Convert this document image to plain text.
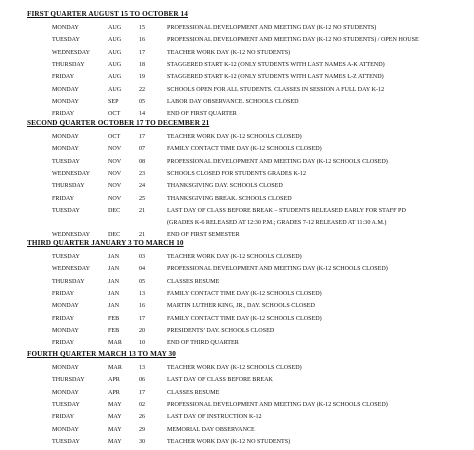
FIRST QUARTER AUGUST 15 TO OCTOBER 14
MONDAY	AUG	15	PROFESSIONAL DEVELOPMENT AND MEETING DAY (K-12 NO STUDENTS)
TUESDAY	AUG	16	PROFESSIONAL DEVELOPMENT AND MEETING DAY (K-12 NO STUDENTS) / OPEN HOUSE
WEDNESDAY	AUG	17	TEACHER WORK DAY (K-12 NO STUDENTS)
THURSDAY	AUG	18	STAGGERED START K-12 (ONLY STUDENTS WITH LAST NAMES A-K ATTEND)
FRIDAY	AUG	19	STAGGERED START K-12 (ONLY STUDENTS WITH LAST NAMES L-Z ATTEND)
MONDAY	AUG	22	SCHOOLS OPEN FOR ALL STUDENTS. CLASSES IN SESSION A FULL DAY K-12
MONDAY	SEP	05	LABOR DAY OBSERVANCE. SCHOOLS CLOSED
FRIDAY	OCT	14	END OF FIRST QUARTER
SECOND QUARTER OCTOBER 17 TO DECEMBER 21
MONDAY	OCT	17	TEACHER WORK DAY (K-12 SCHOOLS CLOSED)
MONDAY	NOV	07	FAMILY CONTACT TIME DAY (K-12 SCHOOLS CLOSED)
TUESDAY	NOV	08	PROFESSIONAL DEVELOPMENT AND MEETING DAY (K-12 SCHOOLS CLOSED)
WEDNESDAY	NOV	23	SCHOOLS CLOSED FOR STUDENTS GRADES K-12
THURSDAY	NOV	24	THANKSGIVING DAY. SCHOOLS CLOSED
FRIDAY	NOV	25	THANKSGIVING BREAK. SCHOOLS CLOSED
TUESDAY	DEC	21	LAST DAY OF CLASS BEFORE BREAK – STUDENTS RELEASED EARLY FOR STAFF PD
(GRADES K-6 RELEASED AT 12:30 P.M.; GRADES 7-12 RELEASED AT 11:30 A.M.)
WEDNESDAY	DEC	21	END OF FIRST SEMESTER
THIRD QUARTER JANUARY 3 TO MARCH 10
TUESDAY	JAN	03	TEACHER WORK DAY (K-12 SCHOOLS CLOSED)
WEDNESDAY	JAN	04	PROFESSIONAL DEVELOPMENT AND MEETING DAY (K-12 SCHOOLS CLOSED)
THURSDAY	JAN	05	CLASSES RESUME
FRIDAY	JAN	13	FAMILY CONTACT TIME DAY (K-12 SCHOOLS CLOSED)
MONDAY	JAN	16	MARTIN LUTHER KING, JR., DAY. SCHOOLS CLOSED
FRIDAY	FEB	17	FAMILY CONTACT TIME DAY (K-12 SCHOOLS CLOSED)
MONDAY	FEB	20	PRESIDENTS’ DAY. SCHOOLS CLOSED
FRIDAY	MAR	10	END OF THIRD QUARTER
FOURTH QUARTER MARCH 13 TO MAY 30
MONDAY	MAR	13	TEACHER WORK DAY (K-12 SCHOOLS CLOSED)
THURSDAY	APR	06	LAST DAY OF CLASS BEFORE BREAK
MONDAY	APR	17	CLASSES RESUME
TUESDAY	MAY	02	PROFESSIONAL DEVELOPMENT AND MEETING DAY (K-12 SCHOOLS CLOSED)
FRIDAY	MAY	26	LAST DAY OF INSTRUCTION K-12
MONDAY	MAY	29	MEMORIAL DAY OBSERVANCE
TUESDAY	MAY	30	TEACHER WORK DAY (K-12 NO STUDENTS)
